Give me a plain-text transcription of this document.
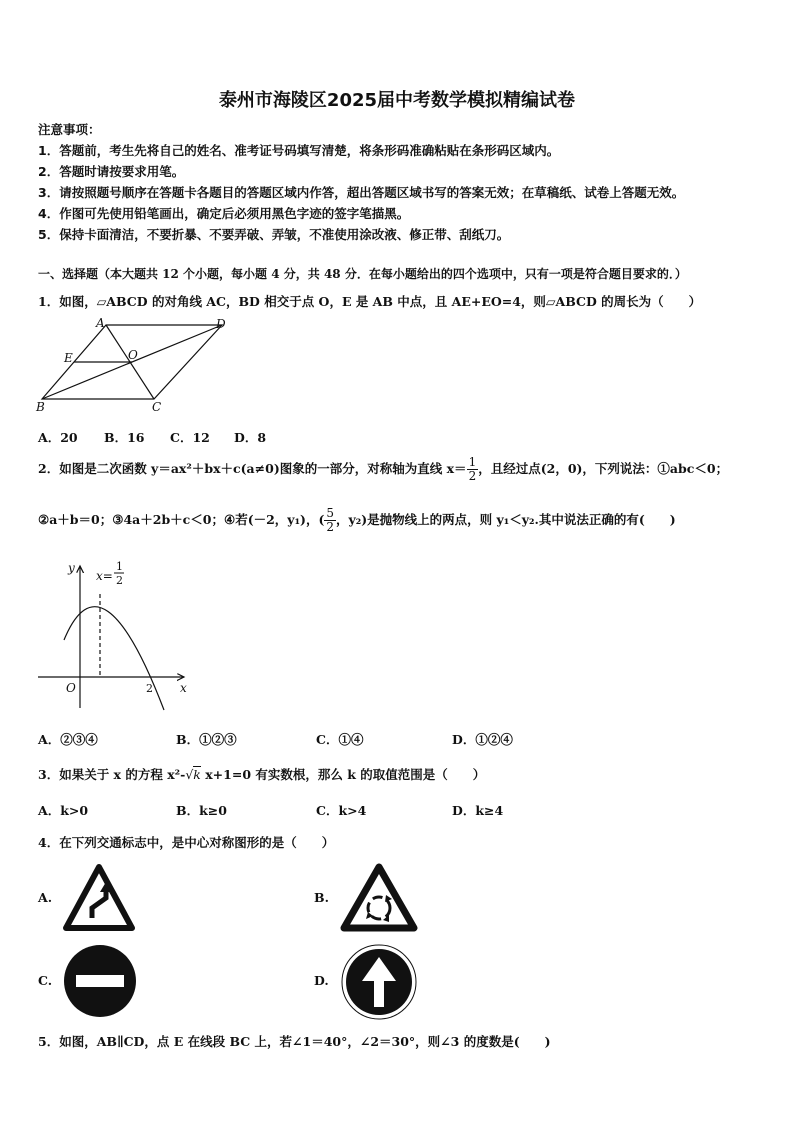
泰州市海陵区2025届中考数学模拟精编试卷
注意事项：
1．答题前，考生先将自己的姓名、准考证号码填写清楚，将条形码准确粘贴在条形码区域内。
2．答题时请按要求用笔。
3．请按照题号顺序在答题卡各题目的答题区域内作答，超出答题区域书写的答案无效；在草稿纸、试卷上答题无效。
4．作图可先使用铅笔画出，确定后必须用黑色字迹的签字笔描黑。
5．保持卡面清洁，不要折暴、不要弄破、弄皱，不准使用涂改液、修正带、刮纸刀。
一、选择题（本大题共 12 个小题，每小题 4 分，共 48 分．在每小题给出的四个选项中，只有一项是符合题目要求的．）
1．如图，▱ABCD 的对角线 AC，BD 相交于点 O，E 是 AB 中点，且 AE+EO=4，则▱ABCD 的周长为（　　）
A	D
E	O
B	C
A．20 B．16 C．12 D．8
2．如图是二次函数 y＝ax²＋bx＋c(a≠0)图象的一部分，对称轴为直线 $x= \frac{1}{2}$ ，且经过点(2，0)，下列说法：①abc＜0；
②a＋b＝0；③4a＋2b＋c＜0；④若(－2，y₁)，( $\frac{5}{2}$ ，y₂)是抛物线上的两点，则 y₁＜y₂.其中说法正确的有(　　)
y
x
O
x=
2
1
2
A．②③④	B．①②③	C．①④	D．①②④
3．如果关于 x 的方程 x²-√k x+1=0 有实数根，那么 k 的取值范围是（　　）
A．k>0	B．k≥0	C．k>4	D．k≥4
4．在下列交通标志中，是中心对称图形的是（　　）
A.	B.
C.	D.
5．如图，AB∥CD，点 E 在线段 BC 上，若∠1＝40°，∠2＝30°，则∠3 的度数是(　　)
